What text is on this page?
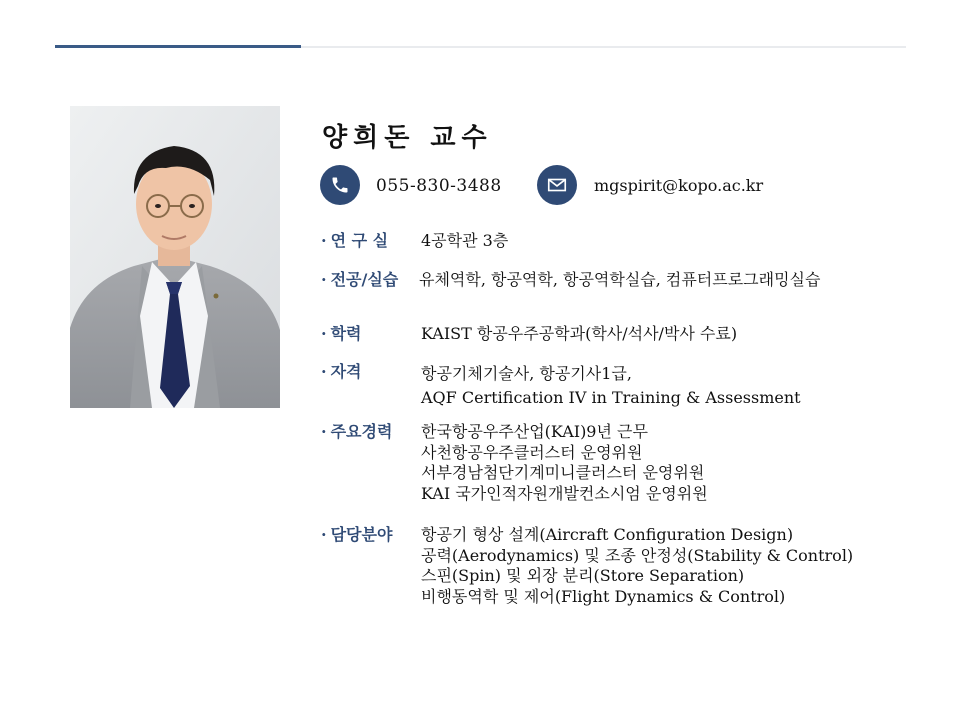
양희돈 교수
055-830-3488	mgspirit@kopo.ac.kr
· 연 구 실 4공학관 3층
· 전공/실습 유체역학, 항공역학, 항공역학실습, 컴퓨터프로그래밍실습
· 학력	KAIST 항공우주공학과(학사/석사/박사 수료)
· 자격	항공기체기술사, 항공기사1급,
AQF Certification IV in Training & Assessment
· 주요경력 한국항공우주산업(KAI)9년 근무
사천항공우주클러스터 운영위원
서부경남첨단기계미니클러스터 운영위원
KAI 국가인적자원개발컨소시엄 운영위원
· 담당분야 항공기 형상 설계(Aircraft Configuration Design)
공력(Aerodynamics) 및 조종 안정성(Stability & Control)
스핀(Spin) 및 외장 분리(Store Separation)
비행동역학 및 제어(Flight Dynamics & Control)
